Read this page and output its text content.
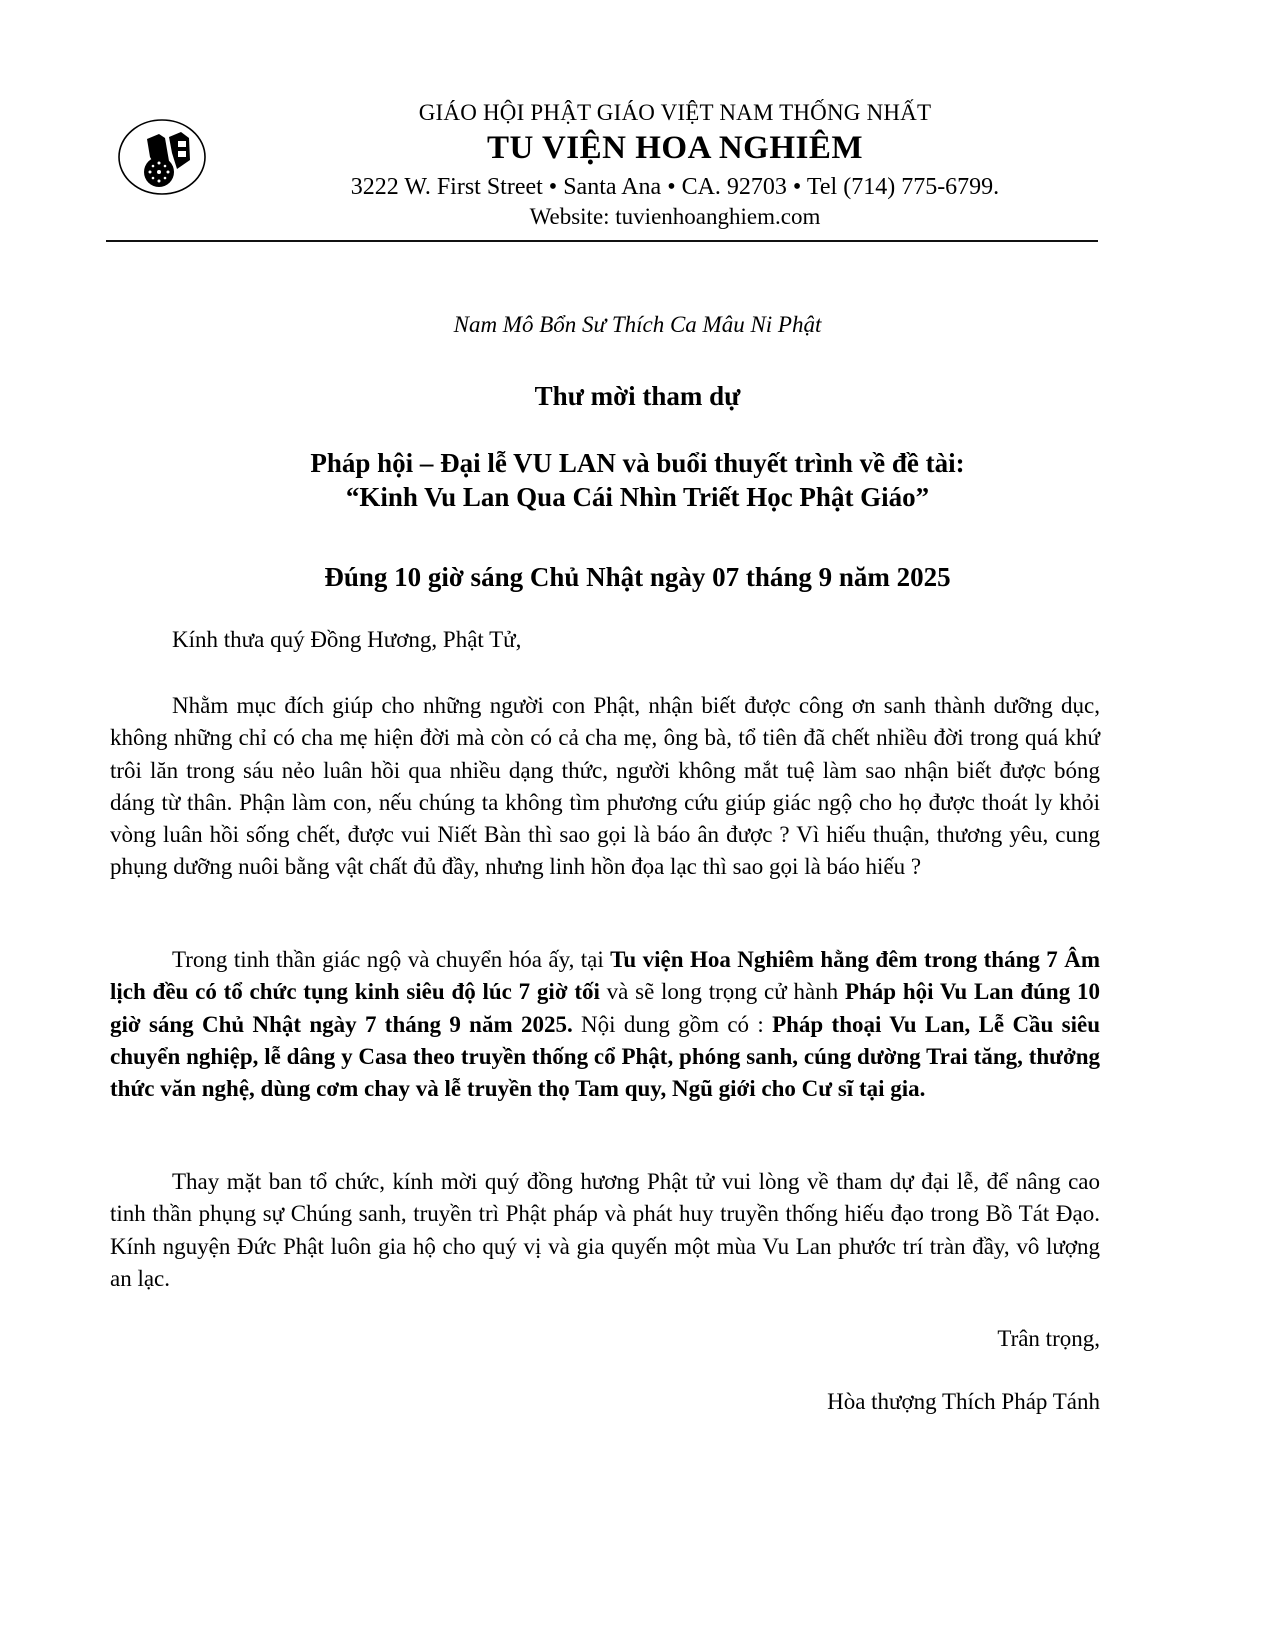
GIÁO HỘI PHẬT GIÁO VIỆT NAM THỐNG NHẤT
TU VIỆN HOA NGHIÊM
3222 W. First Street • Santa Ana • CA. 92703 • Tel (714) 775-6799.
Website: tuvienhoanghiem.com
Nam Mô Bổn Sư Thích Ca Mâu Ni Phật
Thư mời tham dự
Pháp hội – Đại lễ VU LAN và buổi thuyết trình về đề tài:
“Kinh Vu Lan Qua Cái Nhìn Triết Học Phật Giáo”
Đúng 10 giờ sáng Chủ Nhật ngày 07 tháng 9 năm 2025
Kính thưa quý Đồng Hương, Phật Tử,
Nhằm mục đích giúp cho những người con Phật, nhận biết được công ơn sanh thành dưỡng dục, không những chỉ có cha mẹ hiện đời mà còn có cả cha mẹ, ông bà, tổ tiên đã chết nhiều đời trong quá khứ trôi lăn trong sáu nẻo luân hồi qua nhiều dạng thức, người không mắt tuệ làm sao nhận biết được bóng dáng từ thân. Phận làm con, nếu chúng ta không tìm phương cứu giúp giác ngộ cho họ được thoát ly khỏi vòng luân hồi sống chết, được vui Niết Bàn thì sao gọi là báo ân được ? Vì hiếu thuận, thương yêu, cung phụng dưỡng nuôi bằng vật chất đủ đầy, nhưng linh hồn đọa lạc thì sao gọi là báo hiếu ?
Trong tinh thần giác ngộ và chuyển hóa ấy, tại Tu viện Hoa Nghiêm hằng đêm trong tháng 7 Âm lịch đều có tổ chức tụng kinh siêu độ lúc 7 giờ tối và sẽ long trọng cử hành Pháp hội Vu Lan đúng 10 giờ sáng Chủ Nhật ngày 7 tháng 9 năm 2025. Nội dung gồm có : Pháp thoại Vu Lan, Lễ Cầu siêu chuyển nghiệp, lễ dâng y Casa theo truyền thống cổ Phật, phóng sanh, cúng dường Trai tăng, thưởng thức văn nghệ, dùng cơm chay và lễ truyền thọ Tam quy, Ngũ giới cho Cư sĩ tại gia.
Thay mặt ban tổ chức, kính mời quý đồng hương Phật tử vui lòng về tham dự đại lễ, để nâng cao tinh thần phụng sự Chúng sanh, truyền trì Phật pháp và phát huy truyền thống hiếu đạo trong Bồ Tát Đạo. Kính nguyện Đức Phật luôn gia hộ cho quý vị và gia quyến một mùa Vu Lan phước trí tràn đầy, vô lượng an lạc.
Trân trọng,
Hòa thượng Thích Pháp Tánh
